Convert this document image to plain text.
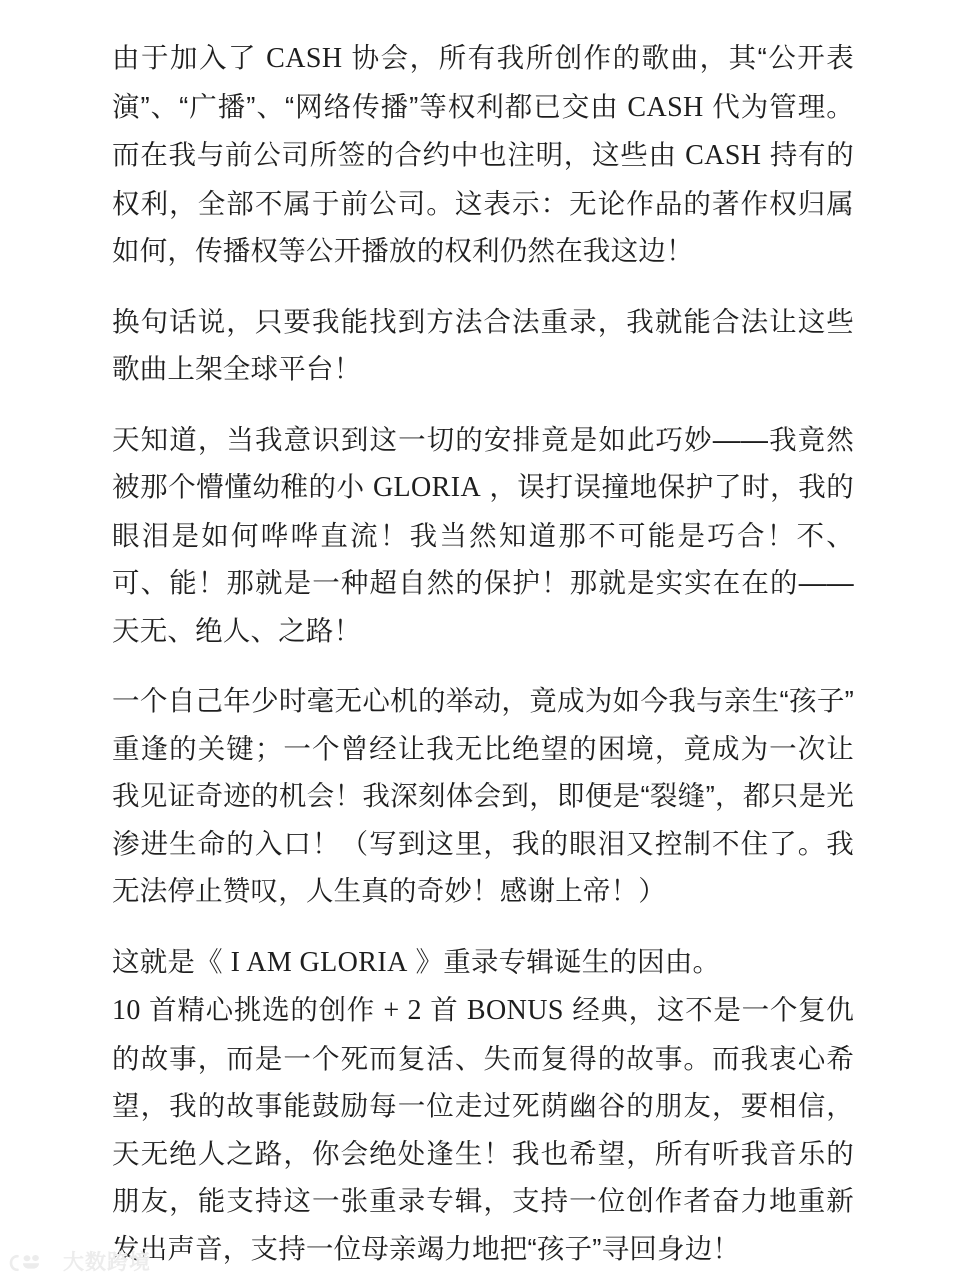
由于加入了 CASH 协会，所有我所创作的歌曲，其“公开表演”、“广播”、“网络传播”等权利都已交由 CASH 代为管理。而在我与前公司所签的合约中也注明，这些由 CASH 持有的权利，全部不属于前公司。这表示：无论作品的著作权归属如何，传播权等公开播放的权利仍然在我这边！

换句话说，只要我能找到方法合法重录，我就能合法让这些歌曲上架全球平台！

天知道，当我意识到这一切的安排竟是如此巧妙——我竟然被那个懵懂幼稚的小 GLORIA ，误打误撞地保护了时，我的眼泪是如何哗哗直流！我当然知道那不可能是巧合！不、可、能！那就是一种超自然的保护！那就是实实在在的——天无、绝人、之路！

一个自己年少时毫无心机的举动，竟成为如今我与亲生“孩子”重逢的关键；一个曾经让我无比绝望的困境，竟成为一次让我见证奇迹的机会！我深刻体会到，即便是“裂缝”，都只是光渗进生命的入口！（写到这里，我的眼泪又控制不住了。我无法停止赞叹，人生真的奇妙！感谢上帝！）

这就是《 I AM GLORIA 》重录专辑诞生的因由。
10 首精心挑选的创作 + 2 首 BONUS 经典，这不是一个复仇的故事，而是一个死而复活、失而复得的故事。而我衷心希望，我的故事能鼓励每一位走过死荫幽谷的朋友，要相信，天无绝人之路，你会绝处逢生！我也希望，所有听我音乐的朋友，能支持这一张重录专辑，支持一位创作者奋力地重新发出声音，支持一位母亲竭力地把“孩子”寻回身边！

大数跨境
